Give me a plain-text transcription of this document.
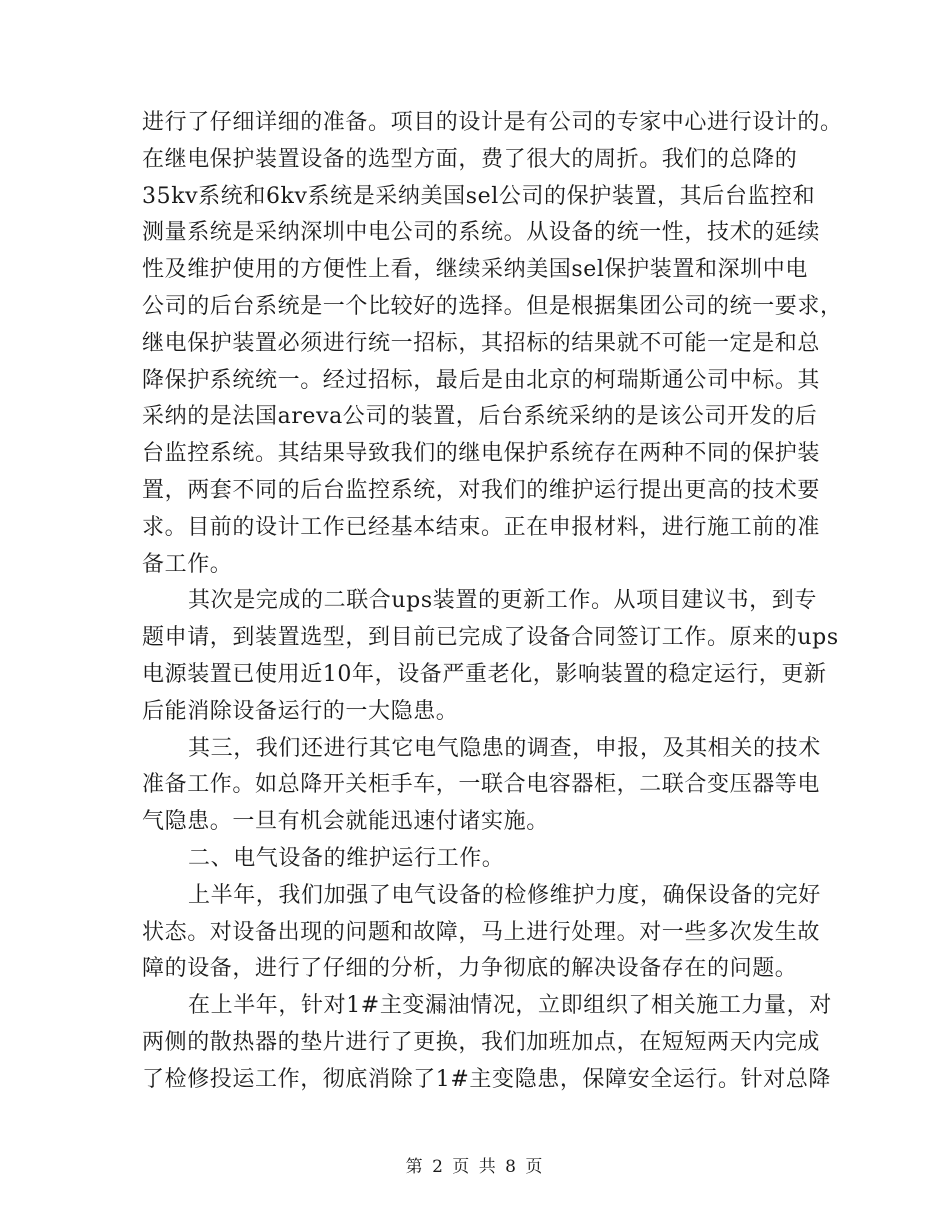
进行了仔细详细的准备。项目的设计是有公司的专家中心进行设计的。
在继电保护装置设备的选型方面，费了很大的周折。我们的总降的
35kv系统和6kv系统是采纳美国sel公司的保护装置，其后台监控和
测量系统是采纳深圳中电公司的系统。从设备的统一性，技术的延续
性及维护使用的方便性上看，继续采纳美国sel保护装置和深圳中电
公司的后台系统是一个比较好的选择。但是根据集团公司的统一要求，
继电保护装置必须进行统一招标，其招标的结果就不可能一定是和总
降保护系统统一。经过招标，最后是由北京的柯瑞斯通公司中标。其
采纳的是法国areva公司的装置，后台系统采纳的是该公司开发的后
台监控系统。其结果导致我们的继电保护系统存在两种不同的保护装
置，两套不同的后台监控系统，对我们的维护运行提出更高的技术要
求。目前的设计工作已经基本结束。正在申报材料，进行施工前的准
备工作。
其次是完成的二联合ups装置的更新工作。从项目建议书，到专
题申请，到装置选型，到目前已完成了设备合同签订工作。原来的ups
电源装置已使用近10年，设备严重老化，影响装置的稳定运行，更新
后能消除设备运行的一大隐患。
其三，我们还进行其它电气隐患的调查，申报，及其相关的技术
准备工作。如总降开关柜手车，一联合电容器柜，二联合变压器等电
气隐患。一旦有机会就能迅速付诸实施。
二、电气设备的维护运行工作。
上半年，我们加强了电气设备的检修维护力度，确保设备的完好
状态。对设备出现的问题和故障，马上进行处理。对一些多次发生故
障的设备，进行了仔细的分析，力争彻底的解决设备存在的问题。
在上半年，针对1#主变漏油情况，立即组织了相关施工力量，对
两侧的散热器的垫片进行了更换，我们加班加点，在短短两天内完成
了检修投运工作，彻底消除了1#主变隐患，保障安全运行。针对总降
第 2 页 共 8 页
